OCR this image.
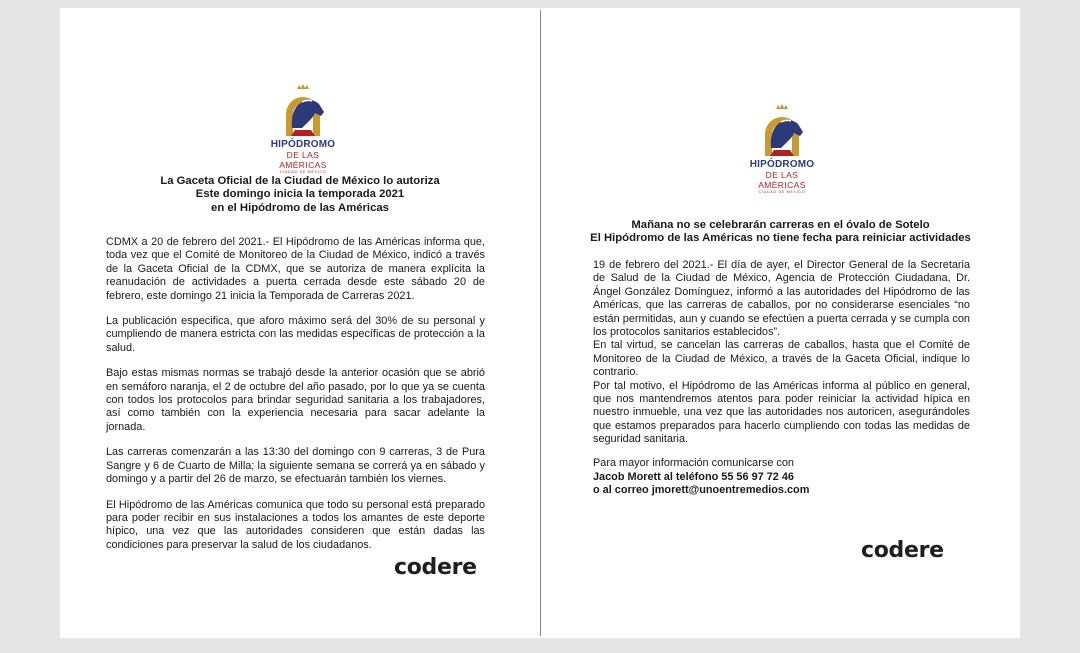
HIPÓDROMO
DE LAS AMÉRICAS
CIUDAD DE MÉXICO
La Gaceta Oficial de la Ciudad de México lo autoriza
Este domingo inicia la temporada 2021
en el Hipódromo de las Américas

CDMX a 20 de febrero del 2021.- El Hipódromo de las Américas informa que, toda vez que el Comité de Monitoreo de la Ciudad de México, indicó a través de la Gaceta Oficial de la CDMX, que se autoriza de manera explícita la reanudación de actividades a puerta cerrada desde este sábado 20 de febrero, este domingo 21 inicia la Temporada de Carreras 2021.

La publicación especifica, que aforo máximo será del 30% de su personal y cumpliendo de manera estricta con las medidas específicas de protección a la salud.

Bajo estas mismas normas se trabajó desde la anterior ocasión que se abrió en semáforo naranja, el 2 de octubre del año pasado, por lo que ya se cuenta con todos los protocolos para brindar seguridad sanitaria a los trabajadores, así como también con la experiencia necesaria para sacar adelante la jornada.

Las carreras comenzarán a las 13:30 del domingo con 9 carreras, 3 de Pura Sangre y 6 de Cuarto de Milla; la siguiente semana se correrá ya en sábado y domingo y a partir del 26 de marzo, se efectuarán también los viernes.

El Hipódromo de las Américas comunica que todo su personal está preparado para poder recibir en sus instalaciones a todos los amantes de este deporte hípico, una vez que las autoridades consideren que están dadas las condiciones para preservar la salud de los ciudadanos.

codere
HIPÓDROMO
DE LAS AMÉRICAS
CIUDAD DE MÉXICO
Mañana no se celebrarán carreras en el óvalo de Sotelo
El Hipódromo de las Américas no tiene fecha para reiniciar actividades

19 de febrero del 2021.- El día de ayer, el Director General de la Secretaria de Salud de la Ciudad de México, Agencia de Protección Ciudadana, Dr. Ángel González Domínguez, informó a las autoridades del Hipódromo de las Américas, que las carreras de caballos, por no considerarse esenciales “no están permitidas, aun y cuando se efectúen a puerta cerrada y se cumpla con los protocolos sanitarios establecidos”.

En tal virtud, se cancelan las carreras de caballos, hasta que el Comité de Monitoreo de la Ciudad de México, a través de la Gaceta Oficial, indique lo contrario.

Por tal motivo, el Hipódromo de las Américas informa al público en general, que nos mantendremos atentos para poder reiniciar la actividad hípica en nuestro inmueble, una vez que las autoridades nos autoricen, asegurándoles que estamos preparados para hacerlo cumpliendo con todas las medidas de seguridad sanitaria.

Para mayor información comunicarse con
Jacob Morett al teléfono 55 56 97 72 46
o al correo jmorett@unoentremedios.com
codere
